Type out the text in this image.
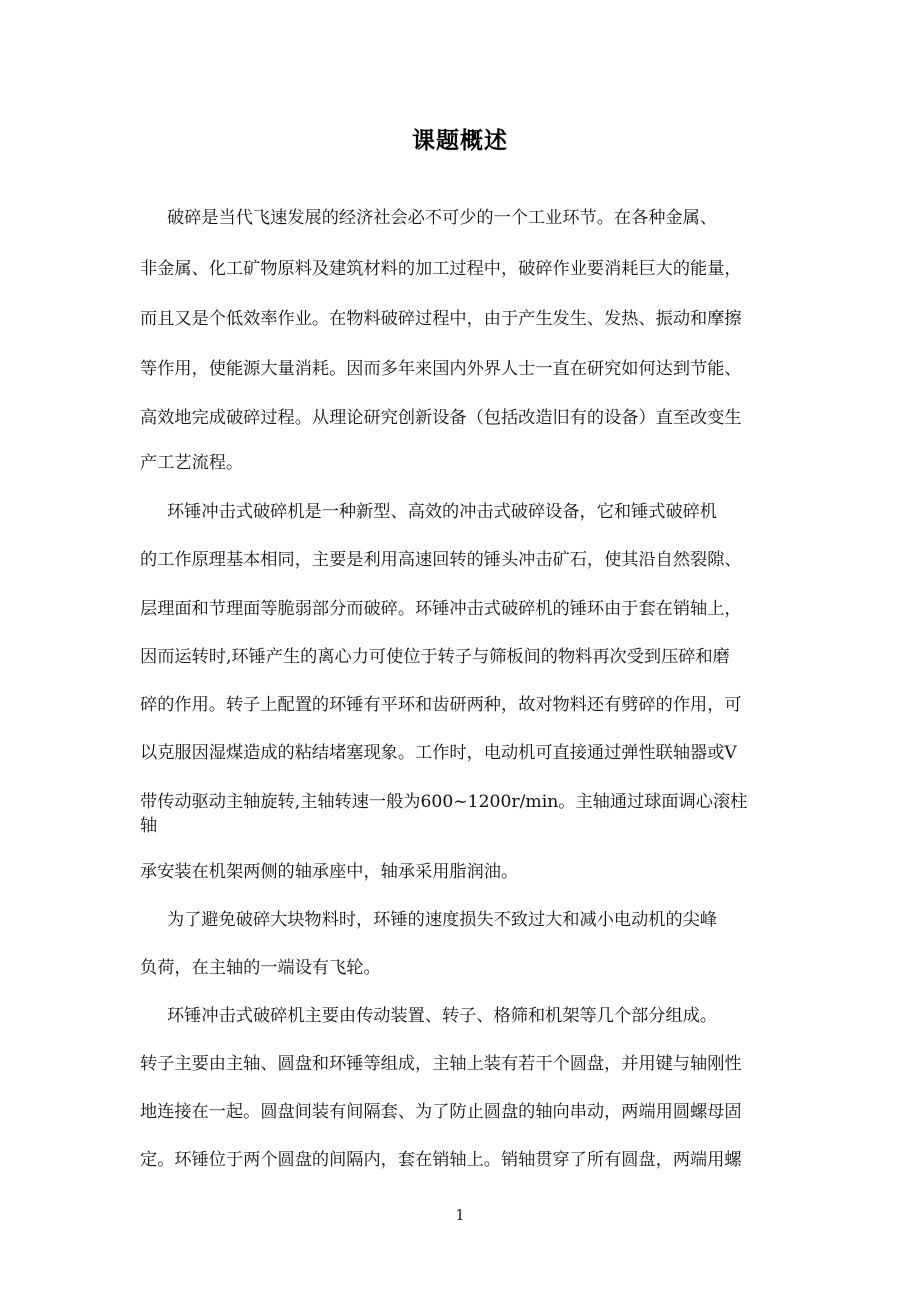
课题概述

破碎是当代飞速发展的经济社会必不可少的一个工业环节。在各种金属、

非金属、化工矿物原料及建筑材料的加工过程中，破碎作业要消耗巨大的能量，

而且又是个低效率作业。在物料破碎过程中，由于产生发生、发热、振动和摩擦

等作用，使能源大量消耗。因而多年来国内外界人士一直在研究如何达到节能、

高效地完成破碎过程。从理论研究创新设备（包括改造旧有的设备）直至改变生

产工艺流程。

环锤冲击式破碎机是一种新型、高效的冲击式破碎设备，它和锤式破碎机

的工作原理基本相同，主要是利用高速回转的锤头冲击矿石，使其沿自然裂隙、

层理面和节理面等脆弱部分而破碎。环锤冲击式破碎机的锤环由于套在销轴上，

因而运转时,环锤产生的离心力可使位于转子与筛板间的物料再次受到压碎和磨

碎的作用。转子上配置的环锤有平环和齿研两种，故对物料还有劈碎的作用，可

以克服因湿煤造成的粘结堵塞现象。工作时，电动机可直接通过弹性联轴器或V

带传动驱动主轴旋转,主轴转速一般为600~1200r/min。主轴通过球面调心滚柱

轴

承安装在机架两侧的轴承座中，轴承采用脂润油。

为了避免破碎大块物料时，环锤的速度损失不致过大和减小电动机的尖峰

负荷，在主轴的一端设有飞轮。

环锤冲击式破碎机主要由传动装置、转子、格筛和机架等几个部分组成。

转子主要由主轴、圆盘和环锤等组成，主轴上装有若干个圆盘，并用键与轴刚性

地连接在一起。圆盘间装有间隔套、为了防止圆盘的轴向串动，两端用圆螺母固

定。环锤位于两个圆盘的间隔内，套在销轴上。销轴贯穿了所有圆盘，两端用螺

1
